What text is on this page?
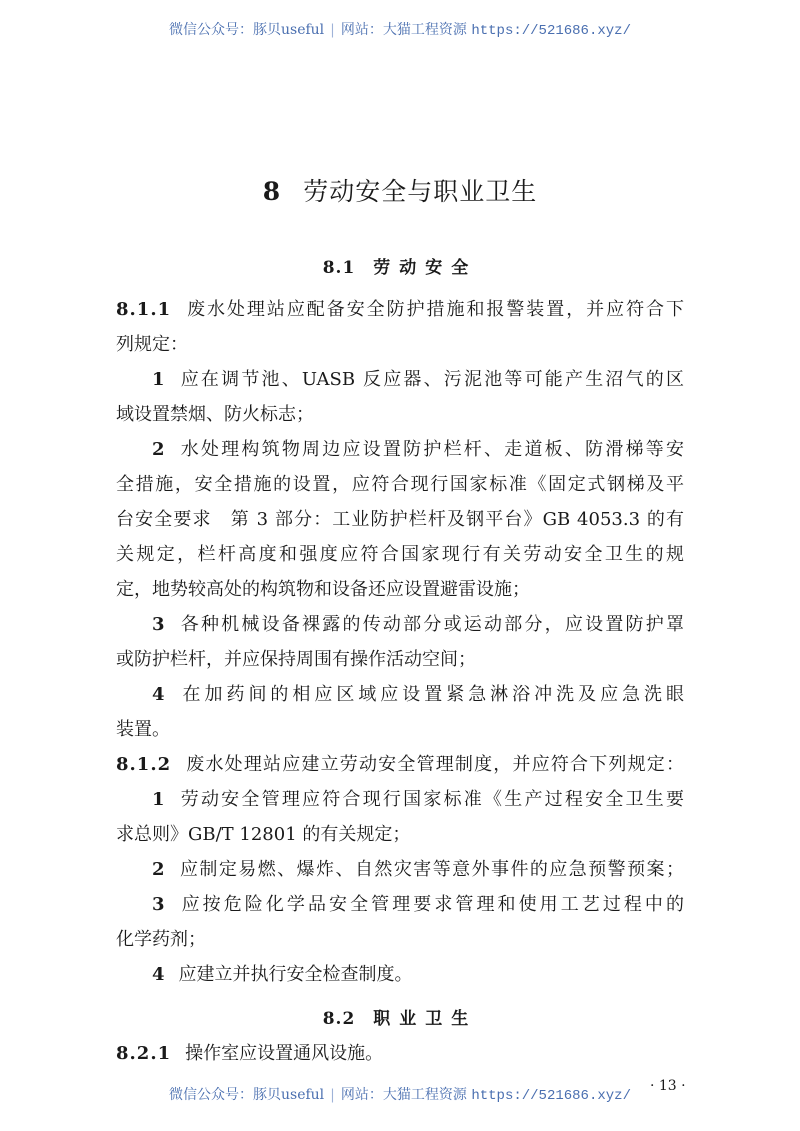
微信公众号：豚贝useful | 网站：大猫工程资源 https://521686.xyz/
8 劳动安全与职业卫生
8.1 劳动安全
8.1.1 废水处理站应配备安全防护措施和报警装置，并应符合下
列规定：
1 应在调节池、UASB 反应器、污泥池等可能产生沼气的区
域设置禁烟、防火标志；
2 水处理构筑物周边应设置防护栏杆、走道板、防滑梯等安
全措施，安全措施的设置，应符合现行国家标准《固定式钢梯及平
台安全要求　第 3 部分：工业防护栏杆及钢平台》GB 4053.3 的有
关规定，栏杆高度和强度应符合国家现行有关劳动安全卫生的规
定，地势较高处的构筑物和设备还应设置避雷设施；
3 各种机械设备裸露的传动部分或运动部分，应设置防护罩
或防护栏杆，并应保持周围有操作活动空间；
4 在加药间的相应区域应设置紧急淋浴冲洗及应急洗眼
装置。
8.1.2 废水处理站应建立劳动安全管理制度，并应符合下列规定：
1 劳动安全管理应符合现行国家标准《生产过程安全卫生要
求总则》GB/T 12801 的有关规定；
2 应制定易燃、爆炸、自然灾害等意外事件的应急预警预案；
3 应按危险化学品安全管理要求管理和使用工艺过程中的
化学药剂；
4 应建立并执行安全检查制度。
8.2 职业卫生
8.2.1 操作室应设置通风设施。
· 13 ·
微信公众号：豚贝useful | 网站：大猫工程资源 https://521686.xyz/
